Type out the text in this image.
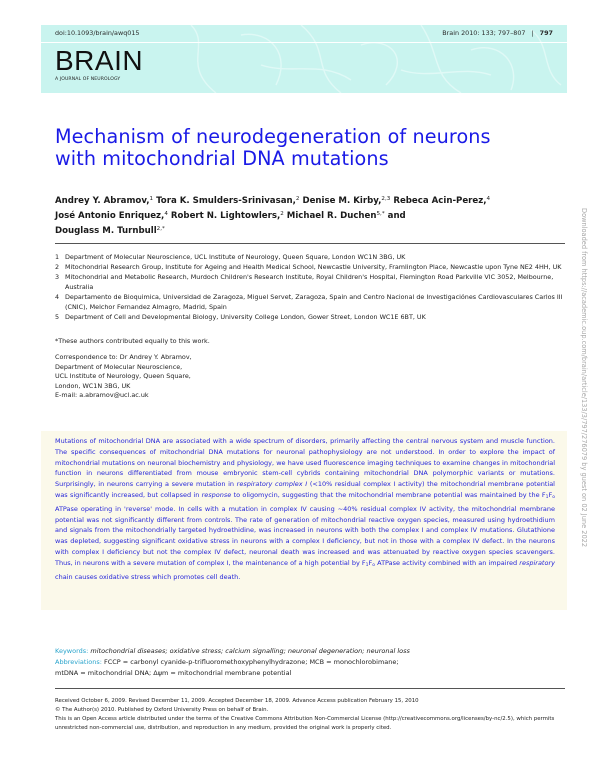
doi:10.1093/brain/awq015	Brain 2010: 133; 797–807 | 797
BRAIN
A JOURNAL OF NEUROLOGY
Mechanism of neurodegeneration of neurons
with mitochondrial DNA mutations
Andrey Y. Abramov,$^1$ Tora K. Smulders-Srinivasan,$^2$ Denise M. Kirby,$^{2,3}$ Rebeca Acin-Perez,$^4$
José Antonio Enriquez,$^4$ Robert N. Lightowlers,$^2$ Michael R. Duchen$^{5,*}$ and
Douglass M. Turnbull$^{2,*}$
1 Department of Molecular Neuroscience, UCL Institute of Neurology, Queen Square, London WC1N 3BG, UK
2 Mitochondrial Research Group, Institute for Ageing and Health Medical School, Newcastle University, Framlington Place, Newcastle upon Tyne NE2 4HH, UK
3 Mitochondrial and Metabolic Research, Murdoch Children's Research Institute, Royal Children's Hospital, Flemington Road Parkville VIC 3052, Melbourne, Australia
4 Departamento de Bioquimica, Universidad de Zaragoza, Miguel Servet, Zaragoza, Spain and Centro Nacional de Investigaciónes Cardiovasculares Carlos III (CNIC), Melchor Fernandez Almagro, Madrid, Spain
5 Department of Cell and Developmental Biology, University College London, Gower Street, London WC1E 6BT, UK
*These authors contributed equally to this work.
Correspondence to: Dr Andrey Y. Abramov,
Department of Molecular Neuroscience,
UCL Institute of Neurology, Queen Square,
London, WC1N 3BG, UK
E-mail: a.abramov@ucl.ac.uk
Mutations of mitochondrial DNA are associated with a wide spectrum of disorders, primarily affecting the central nervous system and muscle function. The specific consequences of mitochondrial DNA mutations for neuronal pathophysiology are not understood. In order to explore the impact of mitochondrial mutations on neuronal biochemistry and physiology, we have used fluorescence imaging techniques to examine changes in mitochondrial function in neurons differentiated from mouse embryonic stem-cell cybrids containing mitochondrial DNA polymorphic variants or mutations. Surprisingly, in neurons carrying a severe mutation in respiratory complex I (<10% residual complex I activity) the mitochondrial membrane potential was significantly increased, but collapsed in response to oligomycin, suggesting that the mitochondrial membrane potential was maintained by the $F_1F_o$ ATPase operating in 'reverse' mode. In cells with a mutation in complex IV causing ~40% residual complex IV activity, the mitochondrial membrane potential was not significantly different from controls. The rate of generation of mitochondrial reactive oxygen species, measured using hydroethidium and signals from the mitochondrially targeted hydroethidine, was increased in neurons with both the complex I and complex IV mutations. Glutathione was depleted, suggesting significant oxidative stress in neurons with a complex I deficiency, but not in those with a complex IV defect. In the neurons with complex I deficiency but not the complex IV defect, neuronal death was increased and was attenuated by reactive oxygen species scavengers. Thus, in neurons with a severe mutation of complex I, the maintenance of a high potential by $F_1F_o$ ATPase activity combined with an impaired respiratory chain causes oxidative stress which promotes cell death.
Keywords: mitochondrial diseases; oxidative stress; calcium signalling; neuronal degeneration; neuronal loss
Abbreviations: FCCP = carbonyl cyanide-p-trifluoromethoxyphenylhydrazone; MCB = monochlorobimane;
mtDNA = mitochondrial DNA; Δψm = mitochondrial membrane potential
Received October 6, 2009. Revised December 11, 2009. Accepted December 18, 2009. Advance Access publication February 15, 2010
© The Author(s) 2010. Published by Oxford University Press on behalf of Brain.
This is an Open Access article distributed under the terms of the Creative Commons Attribution Non-Commercial License (http://creativecommons.org/licenses/by-nc/2.5), which permits unrestricted non-commercial use, distribution, and reproduction in any medium, provided the original work is properly cited.
Downloaded from https://academic.oup.com/brain/article/133/3/797/276079 by guest on 02 June 2022
